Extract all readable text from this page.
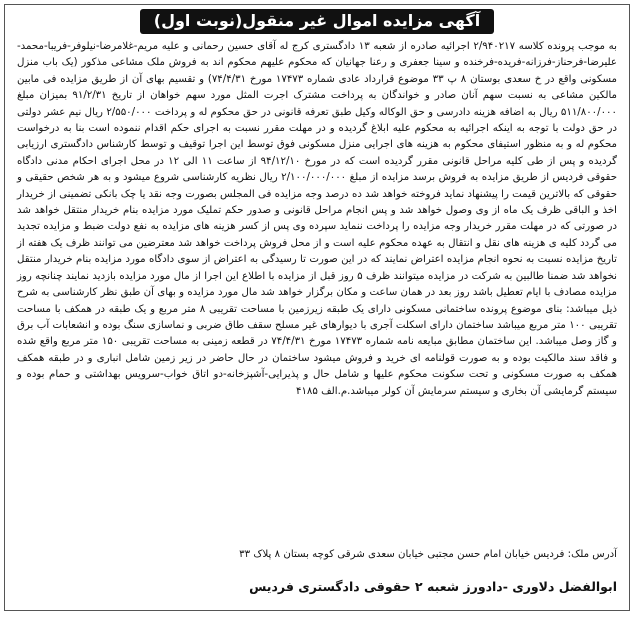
آگهی مزایده اموال غیر منقول(نوبت اول)
به موجب پرونده کلاسه ۲/۹۴۰۲۱۷ اجرائیه صادره از شعبه ۱۳ دادگستری کرج له آقای حسین رحمانی و علیه مریم-غلامرضا-نیلوفر-فریبا-محمد-علیرضا-فرحناز-فرزانه-فریده-فرخنده و سینا جعفری و رعنا جهانیان که محکوم علیهم محکوم اند به فروش ملک مشاعی مذکور (یک باب منزل مسکونی واقع در خ سعدی بوستان ۸ پ ۳۳ موضوع قرارداد عادی شماره ۱۷۴۷۳ مورخ ۷۴/۴/۳۱) و تقسیم بهای آن از طریق مزایده فی مابین مالکین مشاعی به نسبت سهم آنان صادر و خواندگان به پرداخت مشترک اجرت المثل مورد سهم خواهان از تاریخ ۹۱/۲/۳۱ بمیزان مبلغ ۵۱۱/۸۰۰/۰۰۰ ریال به اضافه هزینه دادرسی و حق الوکاله وکیل طبق تعرفه قانونی در حق محکوم له و پرداخت ۲/۵۵۰/۰۰۰ ریال نیم عشر دولتی در حق دولت با توجه به اینکه اجرائیه به محکوم علیه ابلاغ گردیده و در مهلت مقرر نسبت به اجرای حکم اقدام ننموده است بنا به درخواست محکوم له و به منظور استیفای محکوم به هزینه های اجرایی منزل مسکونی فوق توسط این اجرا توقیف و توسط کارشناس دادگستری ارزیابی گردیده و پس از طی کلیه مراحل قانونی مقرر گردیده است که در مورخ ۹۴/۱۲/۱۰ از ساعت ۱۱ الی ۱۲ در محل اجرای احکام مدنی دادگاه حقوقی فردیس از طریق مزایده به فروش برسد مزایده از مبلغ ۲/۱۰۰/۰۰۰/۰۰۰ ریال نظریه کارشناسی شروع میشود و به هر شخص حقیقی و حقوقی که بالاترین قیمت را پیشنهاد نماید فروخته خواهد شد ده درصد وجه مزایده فی المجلس بصورت وجه نقد یا چک بانکی تضمینی از خریدار اخذ و الباقی ظرف یک ماه از وی وصول خواهد شد و پس انجام مراحل قانونی و صدور حکم تملیک مورد مزایده بنام خریدار منتقل خواهد شد در صورتی که در مهلت مقرر خریدار وجه مزایده را پرداخت ننماید سپرده وی پس از کسر هزینه های مزایده به نفع دولت ضبط و مزایده تجدید می گردد کلیه ی هزینه های نقل و انتقال به عهده محکوم علیه است و از محل فروش پرداخت خواهد شد معترضین می توانند ظرف یک هفته از تاریخ مزایده نسبت به نحوه انجام مزایده اعتراض نمایند که در این صورت تا رسیدگی به اعتراض از سوی دادگاه مورد مزایده بنام خریدار منتقل نخواهد شد ضمنا طالبین به شرکت در مزایده میتوانند ظرف ۵ روز قبل از مزایده با اطلاع این اجرا از مال مورد مزایده بازدید نمایند چنانچه روز مزایده مصادف با ایام تعطیل باشد روز بعد در همان ساعت و مکان برگزار خواهد شد مال مورد مزایده و بهای آن طبق نظر کارشناسی به شرح ذیل میباشد: بنای موضوع پرونده ساختمانی مسکونی دارای یک طبقه زیرزمین با مساحت تقریبی ۸ متر مربع و یک طبقه در همکف با مساحت تقریبی ۱۰۰ متر مربع میباشد ساختمان دارای اسکلت آجری با دیوارهای غیر مسلح سقف طاق ضربی و نماسازی سنگ بوده و انشعابات آب برق و گاز وصل میباشد. این ساختمان مطابق مبایعه نامه شماره ۱۷۴۷۳ مورخ ۷۴/۴/۳۱ در قطعه زمینی به مساحت تقریبی ۱۵۰ متر مربع واقع شده و فاقد سند مالکیت بوده و به صورت قولنامه ای خرید و فروش میشود ساختمان در حال حاضر در زیر زمین شامل انباری و در طبقه همکف همکف به صورت مسکونی و تحت سکونت محکوم علیها و شامل حال و پذیرایی-آشپزخانه-دو اتاق خواب-سرویس بهداشتی و حمام بوده و سیستم گرمایشی آن بخاری و سیستم سرمایش آن کولر میباشد.م.الف ۴۱۸۵
آدرس ملک: فردیس خیابان امام حسن مجتبی خیابان سعدی شرقی کوچه بستان ۸ پلاک ۳۳
ابوالفضل دلاوری -دادورز شعبه ۲ حقوقی دادگستری فردیس
